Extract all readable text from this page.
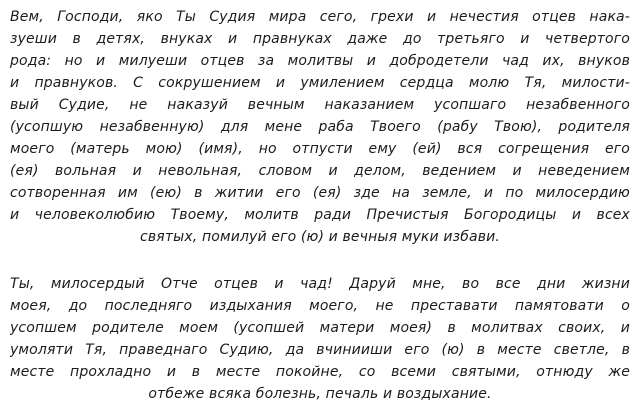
Вем, Господи, яко Ты Судия мира сего, грехи и нечестия отцев нака-
зуеши в детях, внуках и правнуках даже до третьяго и четвертого
рода: но и милуеши отцев за молитвы и добродетели чад их, внуков
и правнуков. С сокрушением и умилением сердца молю Тя, милости-
вый Судие, не наказуй вечным наказанием усопшаго незабвенного
(усопшую незабвенную) для мене раба Твоего (рабу Твою), родителя
моего (матерь мою) (имя), но отпусти ему (ей) вся согрещения его
(ея) вольная и невольная, словом и делом, ведением и неведением
сотворенная им (ею) в житии его (ея) зде на земле, и по милосердию
и человеколюбию Твоему, молитв ради Пречистыя Богородицы и всех
святых, помилуй его (ю) и вечныя муки избави.
Ты, милосердый Отче отцев и чад! Даруй мне, во все дни жизни
моея, до последняго издыхания моего, не преставати памятовати о
усопшем родителе моем (усопшей матери моея) в молитвах своих, и
умоляти Тя, праведнаго Судию, да вчинииши его (ю) в месте светле, в
месте прохладно и в месте покойне, со всеми святыми, отнюду же
отбеже всяка болезнь, печаль и воздыхание.
